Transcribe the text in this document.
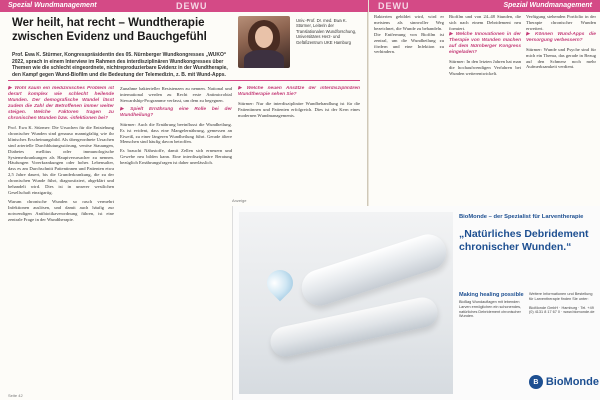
Wer heilt, hat recht – Wundtherapie zwischen Evidenz und Bauchgefühl
Prof. Ewa K. Stürmer, Kongresspräsidentin des 05. Nürnberger Wundkongresses „WUKO“ 2022, sprach in einem Interview im Rahmen des interdisziplinären Wundkongresses über Themen wie die schlecht eingeordnete, nichtreproduzierbare Evidenz in der Wundtherapie, den Kampf gegen Wund-Biofilm und die Bedeutung der Telemedizin, z. B. mit Wund-Apps.
Univ.-Prof. Dr. med. Ewa K. Stürmer, Leiterin der Translationalen Wundforschung, Universitäres Herz- und Gefäßzentrum UKE Hamburg
▶ Wohl kaum ein medizinisches Problem ist derart komplex wie schlecht heilende Wunden. Der demografische Wandel lässt zudem die Zahl der Betroffenen immer weiter steigen. Welche Faktoren tragen zu chronischen Wunden bzw. -infektionen bei?

Prof. Ewa K. Stürmer: Die Ursachen für die Entstehung chronischer Wunden sind genauso mannigfaltig wie ihr klinisches Erscheinungsbild. Als übergeordnete Ursachen sind arterielle Durchblutungsstörung, venöse Stauungen, Diabetes mellitus oder immunologische Systemerkrankungen als Hauptverursacher zu nennen. Häufungen Vorerkrankungen oder hohes Lebensalter, dass es am Durchschnitt Patientinnen und Patienten etwa 2,5 Jahre dauert, bis die Grunderkrankung, die zu der chronischen Wunde führt, diagnostiziert, abgeklärt und behandelt wird. Dies ist in unserer westlichen Gesellschaft einzigartig.

Warum chronische Wunden so rasch vermehrt Infektionen auslösen, und damit auch häufig zur notwendigen Antibiotikaverordnung führen, ist eine zentrale Frage in der Wundtherapie.

Zunahme bakterieller Resistenzen zu nennen. National und international werden zu Recht erste Antimicrobial Stewardship-Programme verfasst, um dem zu begegnen.

▶ Spielt Ernährung eine Rolle bei der Wundheilung?

Stürmer: Auch die Ernährung beeinflusst die Wundheilung. Es ist evident, dass eine Mangelernährung, gemessen an Eiweiß, zu einer längeren Wundheilung führt. Gerade ältere Menschen sind häufig davon betroffen.

Es braucht Nährstoffe, damit Zellen sich erneuern und Gewebe neu bilden kann. Eine interdisziplinäre Beratung bezüglich Ernährungsfragen ist daher unerlässlich.

▶ Welche neuen Ansätze der interdisziplinären Wundtherapie sehen Sie?

Stürmer: Nur die interdisziplinäre Wundbehandlung ist für die Patientinnen und Patienten erfolgreich. Dies ist der Kern eines modernen Wundmanagements.

Seite 42

Bakterien gebildet wird, wird er meistens als sinnvoller Weg bezeichnet, die Wunde zu behandeln.

Die Entfernung von Biofilm ist zentral, um die Wundheilung zu fördern und eine Infektion zu verhindern.

Biofilm und von 24–48 Stunden, die sich nach einem Debridement neu formiert.

▶ Welche Innovationen in der Therapie von Wunden machen auf dem Nürnberger Kongress eingeladen?

Stürmer: In den letzten Jahren hat man die hochaufwendigen Verfahren bei Wunden weiterentwickelt.

Verfügung stehenden Portfolio in der Therapie chronischer Wunden erweitert.

▶ Können Wund-Apps die Versorgung verbessern?

Stürmer: Wunde und Psyche sind für mich ein Thema, das gerade in Bezug auf den Schmerz noch mehr Aufmerksamkeit verdient.

Spezial Wundmanagement	DEWU	Spezial Wundmanagement
DEWU
Anzeige
BioMonde – der Spezialist für Larventherapie
„Natürliches Debridement chronischer Wunden.“
Making healing possible
BioBag Wundauflagen mit lebenden Larven ermöglichen ein schonendes, natürliches Debridement chronischer Wunden.
Weitere Informationen und Bestellung für Larventherapie finden Sie unter:
BioMonde GmbH · Hamburg · Tel. +49 (0) 4131 8 17 67 0 · www.biomonde.de
B BioMonde
